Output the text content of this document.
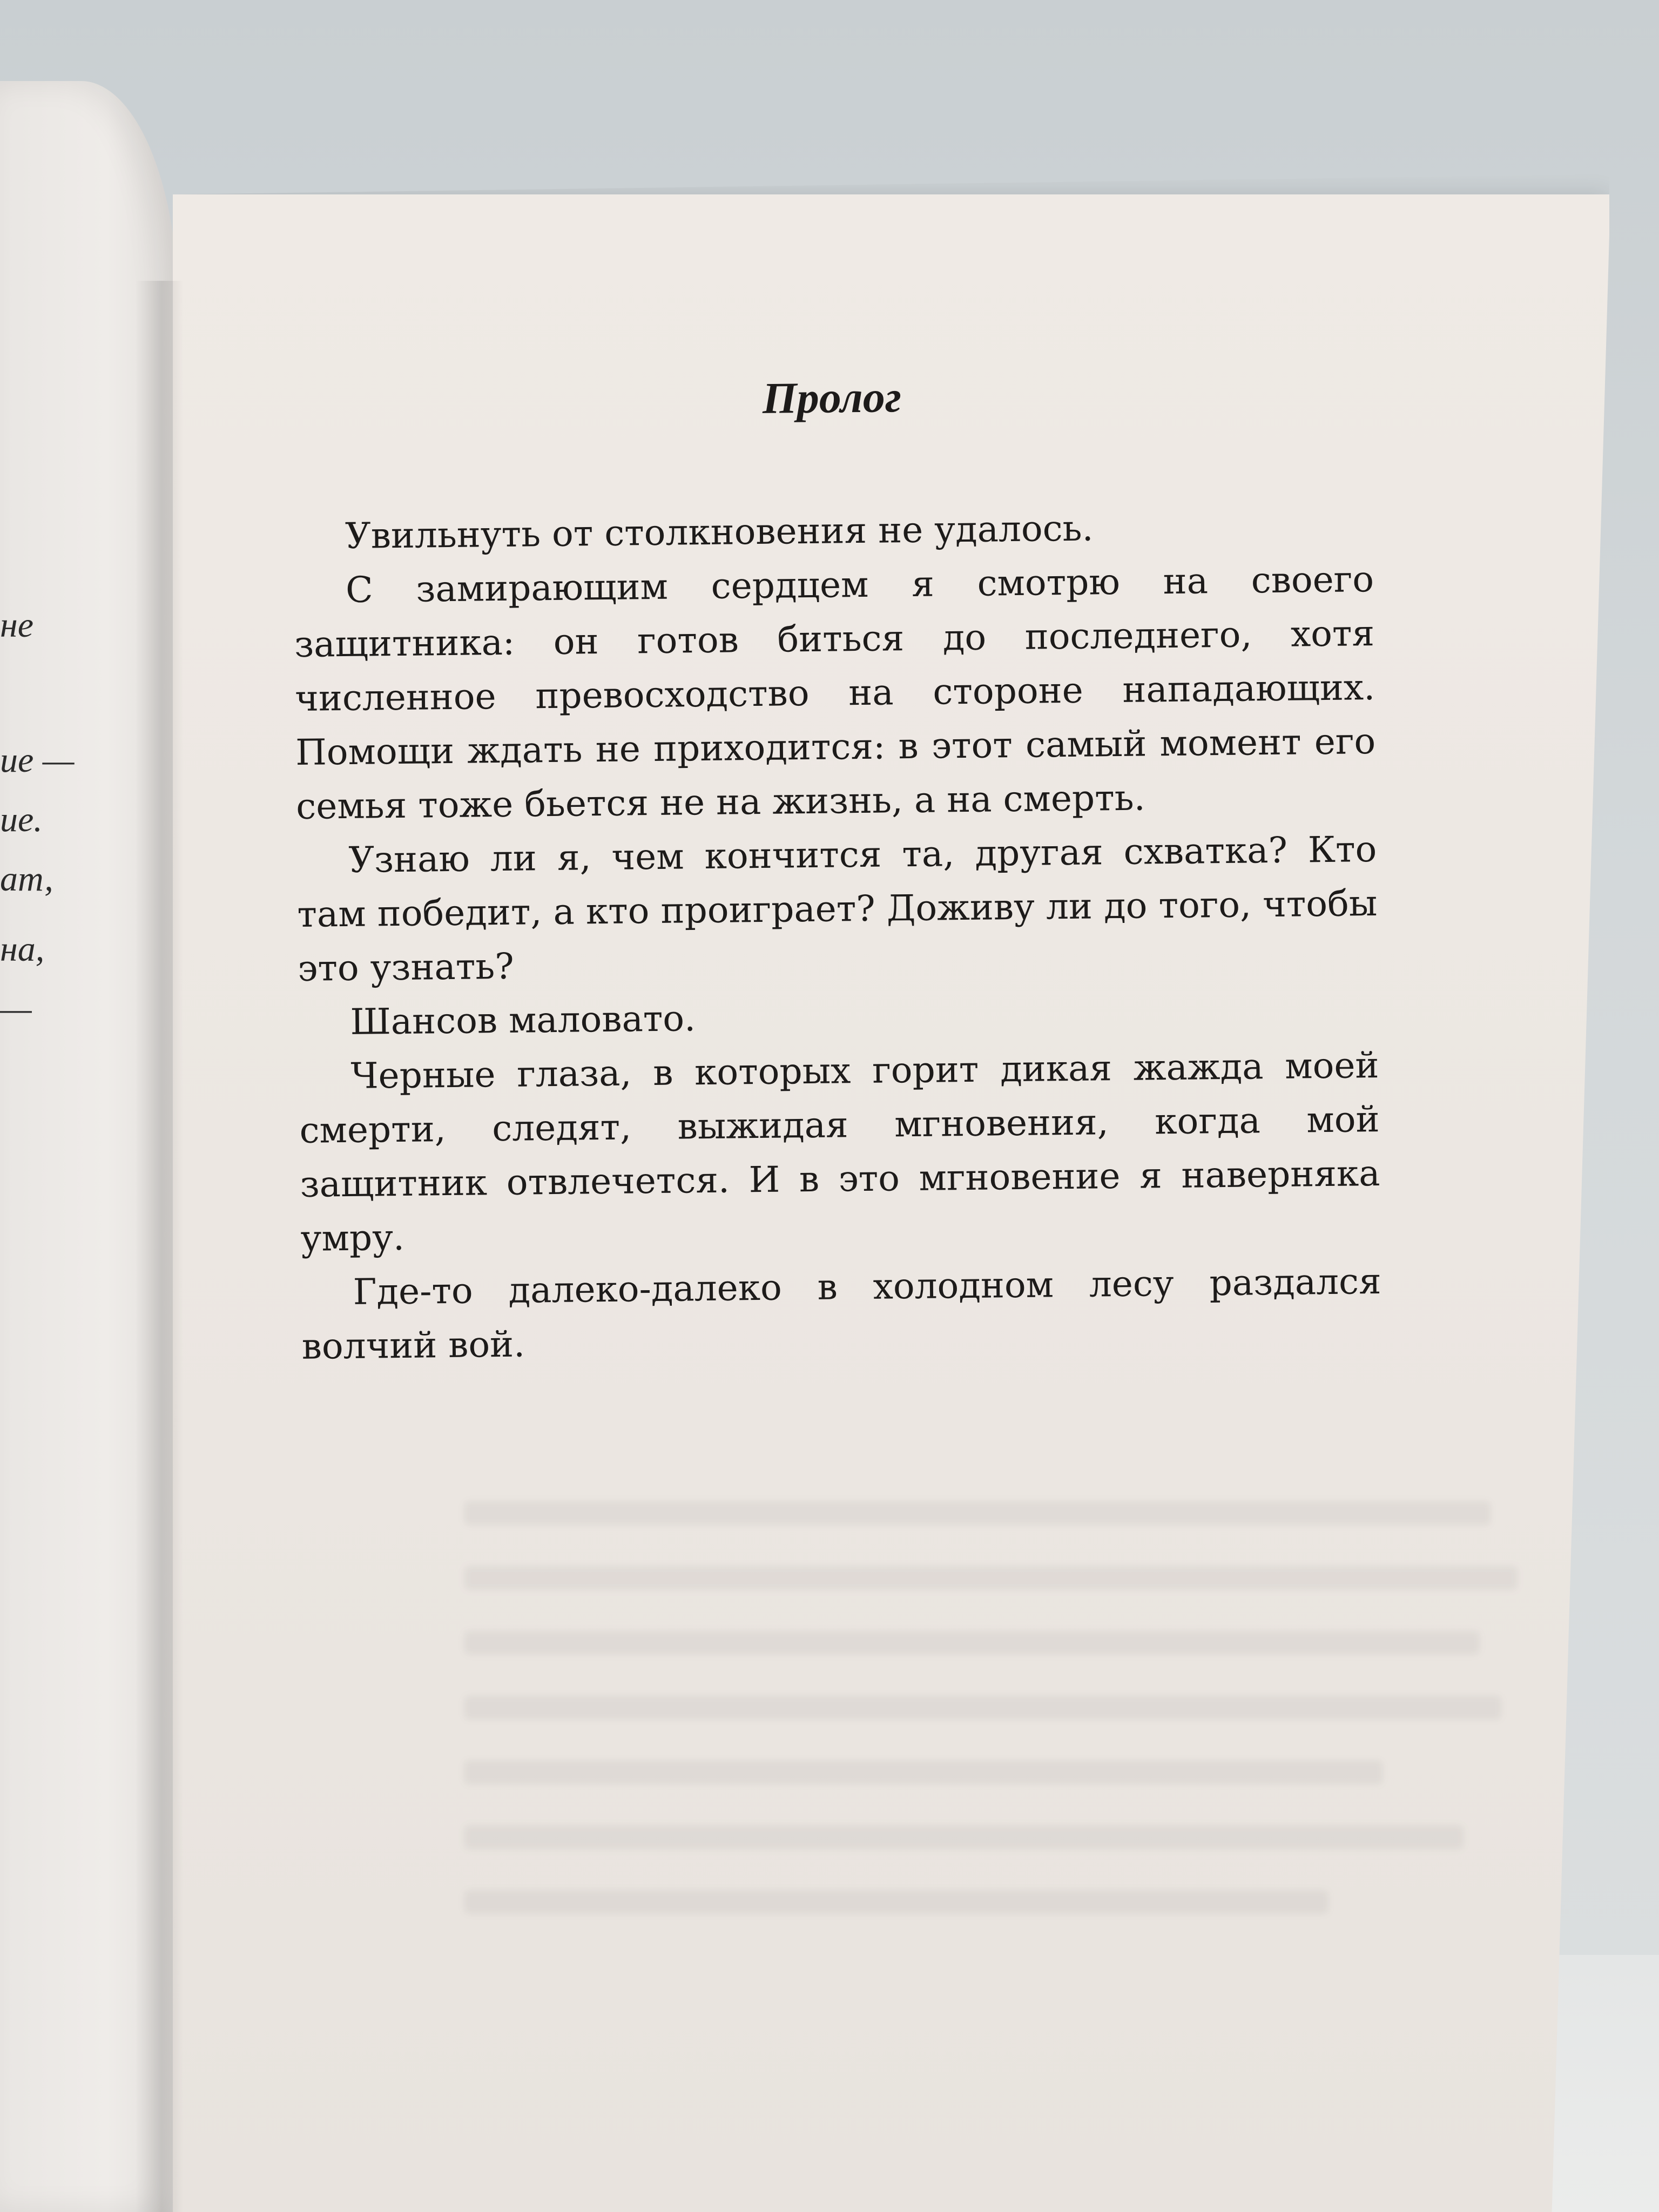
не
ие —
ие.
ат,
на,
—
Пролог

Увильнуть от столкновения не удалось.

С замирающим сердцем я смотрю на своего защитника: он готов биться до последнего, хотя численное превосходство на стороне нападающих. Помощи ждать не приходится: в этот самый момент его семья тоже бьется не на жизнь, а на смерть.

Узнаю ли я, чем кончится та, другая схватка? Кто там победит, а кто проиграет? Доживу ли до того, чтобы это узнать?

Шансов маловато.

Черные глаза, в которых горит дикая жажда моей смерти, следят, выжидая мгновения, когда мой защитник отвлечется. И в это мгновение я наверняка умру.

Где-то далеко-далеко в холодном лесу раздался волчий вой.
